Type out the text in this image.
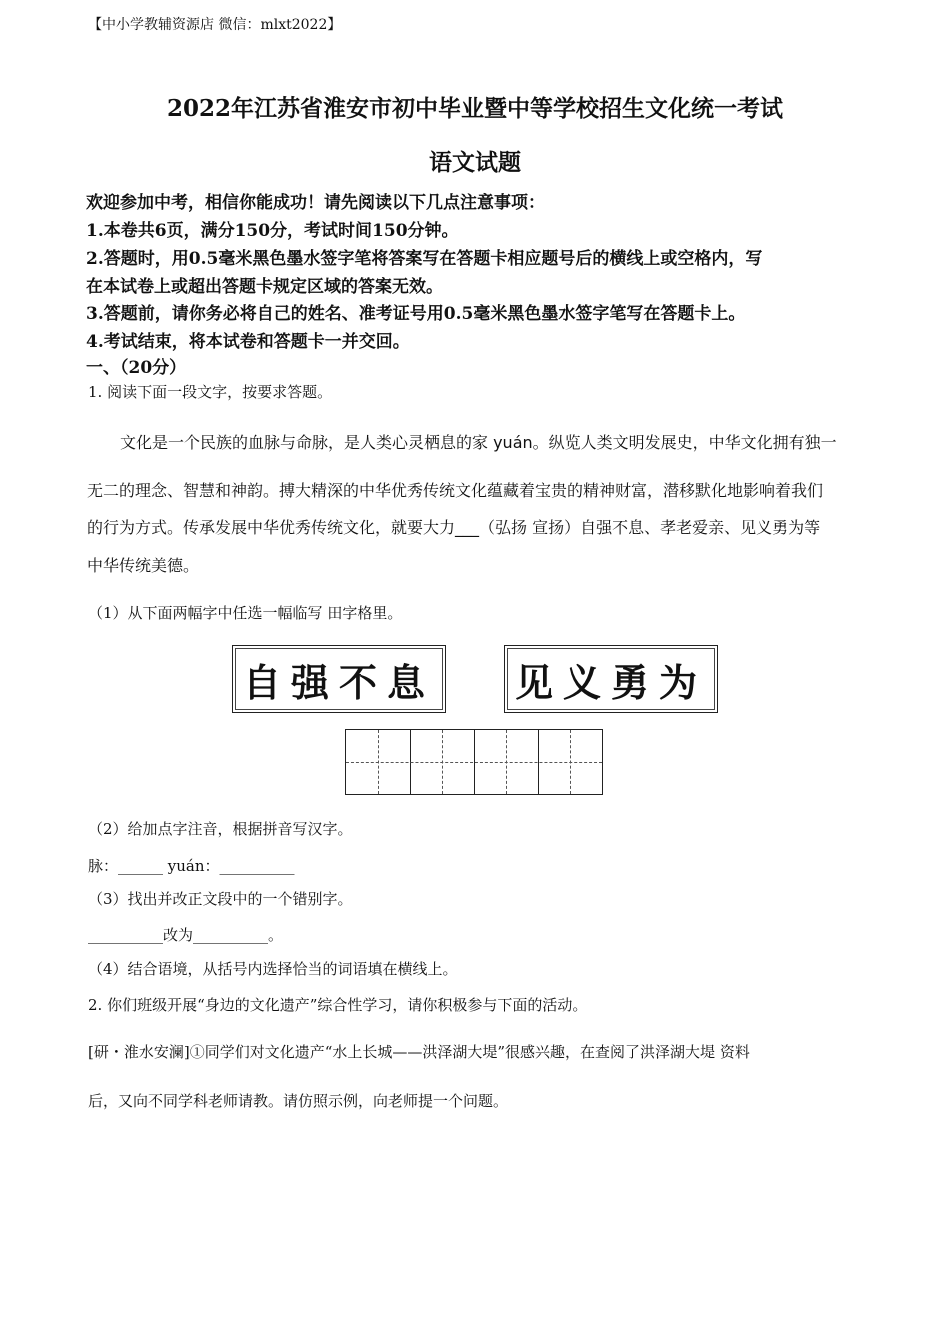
【中小学教辅资源店 微信：mlxt2022】
2022年江苏省淮安市初中毕业暨中等学校招生文化统一考试
语文试题
欢迎参加中考，相信你能成功！请先阅读以下几点注意事项：
1.本卷共6页，满分150分，考试时间150分钟。
2.答题时，用0.5毫米黑色墨水签字笔将答案写在答题卡相应题号后的横线上或空格内，写
在本试卷上或超出答题卡规定区域的答案无效。
3.答题前，请你务必将自己的姓名、准考证号用0.5毫米黑色墨水签字笔写在答题卡上。
4.考试结束，将本试卷和答题卡一并交回。
一、（20分）
1. 阅读下面一段文字，按要求答题。
文化是一个民族的血脉与命脉，是人类心灵栖息的家 yuán。纵览人类文明发展史，中华文化拥有独一
无二的理念、智慧和神韵。搏大精深的中华优秀传统文化蕴藏着宝贵的精神财富，潜移默化地影响着我们
的行为方式。传承发展中华优秀传统文化，就要大力___（弘扬 宣扬）自强不息、孝老爱亲、见义勇为等
中华传统美德。
（1）从下面两幅字中任选一幅临写 田字格里。
自强不息 见义勇为
（2）给加点字注音，根据拼音写汉字。
脉：______ yuán：__________
（3）找出并改正文段中的一个错别字。
__________改为__________。
（4）结合语境，从括号内选择恰当的词语填在横线上。
2. 你们班级开展“身边的文化遗产”综合性学习，请你积极参与下面的活动。
[研・淮水安澜]①同学们对文化遗产“水上长城——洪泽湖大堤”很感兴趣，在查阅了洪泽湖大堤 资料
后，又向不同学科老师请教。请仿照示例，向老师提一个问题。
